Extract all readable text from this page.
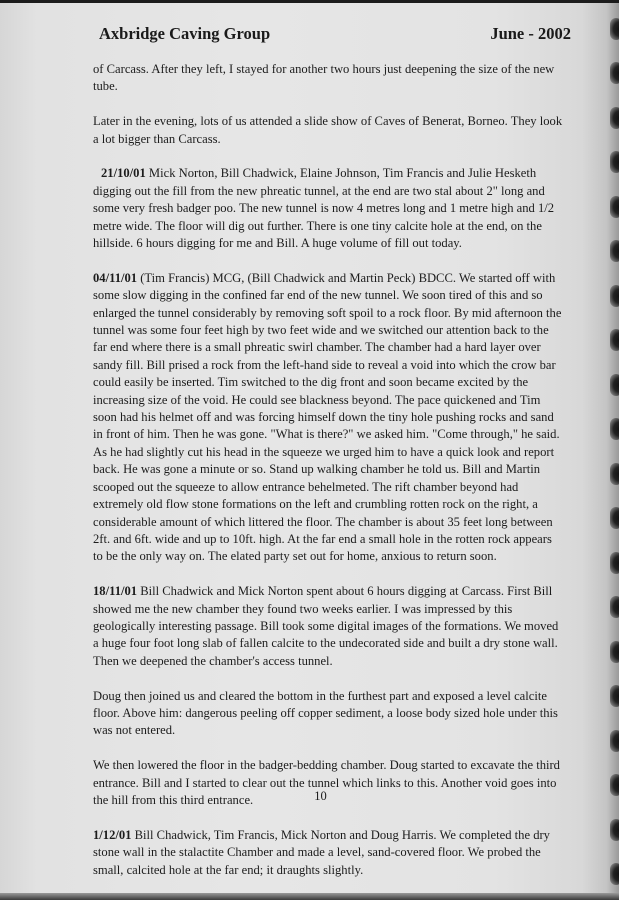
Axbridge Caving Group	June - 2002

of Carcass. After they left, I stayed for another two hours just deepening the size of the new tube.

Later in the evening, lots of us attended a slide show of Caves of Benerat, Borneo. They look a lot bigger than Carcass.

21/10/01 Mick Norton, Bill Chadwick, Elaine Johnson, Tim Francis and Julie Hesketh digging out the fill from the new phreatic tunnel, at the end are two stal about 2" long and some very fresh badger poo. The new tunnel is now 4 metres long and 1 metre high and 1/2 metre wide. The floor will dig out further. There is one tiny calcite hole at the end, on the hillside. 6 hours digging for me and Bill. A huge volume of fill out today.

04/11/01 (Tim Francis) MCG, (Bill Chadwick and Martin Peck) BDCC. We started off with some slow digging in the confined far end of the new tunnel. We soon tired of this and so enlarged the tunnel considerably by removing soft spoil to a rock floor. By mid afternoon the tunnel was some four feet high by two feet wide and we switched our attention back to the far end where there is a small phreatic swirl chamber. The chamber had a hard layer over sandy fill. Bill prised a rock from the left-hand side to reveal a void into which the crow bar could easily be inserted. Tim switched to the dig front and soon became excited by the increasing size of the void. He could see blackness beyond. The pace quickened and Tim soon had his helmet off and was forcing himself down the tiny hole pushing rocks and sand in front of him. Then he was gone. "What is there?" we asked him. "Come through," he said. As he had slightly cut his head in the squeeze we urged him to have a quick look and report back. He was gone a minute or so. Stand up walking chamber he told us. Bill and Martin scooped out the squeeze to allow entrance behelmeted. The rift chamber beyond had extremely old flow stone formations on the left and crumbling rotten rock on the right, a considerable amount of which littered the floor. The chamber is about 35 feet long between 2ft. and 6ft. wide and up to 10ft. high. At the far end a small hole in the rotten rock appears to be the only way on. The elated party set out for home, anxious to return soon.

18/11/01 Bill Chadwick and Mick Norton spent about 6 hours digging at Carcass. First Bill showed me the new chamber they found two weeks earlier. I was impressed by this geologically interesting passage. Bill took some digital images of the formations. We moved a huge four foot long slab of fallen calcite to the undecorated side and built a dry stone wall. Then we deepened the chamber's access tunnel.

Doug then joined us and cleared the bottom in the furthest part and exposed a level calcite floor. Above him: dangerous peeling off copper sediment, a loose body sized hole under this was not entered.

We then lowered the floor in the badger-bedding chamber. Doug started to excavate the third entrance. Bill and I started to clear out the tunnel which links to this. Another void goes into the hill from this third entrance.

1/12/01 Bill Chadwick, Tim Francis, Mick Norton and Doug Harris. We completed the dry stone wall in the stalactite Chamber and made a level, sand-covered floor. We probed the small, calcited hole at the far end; it draughts slightly.

10
